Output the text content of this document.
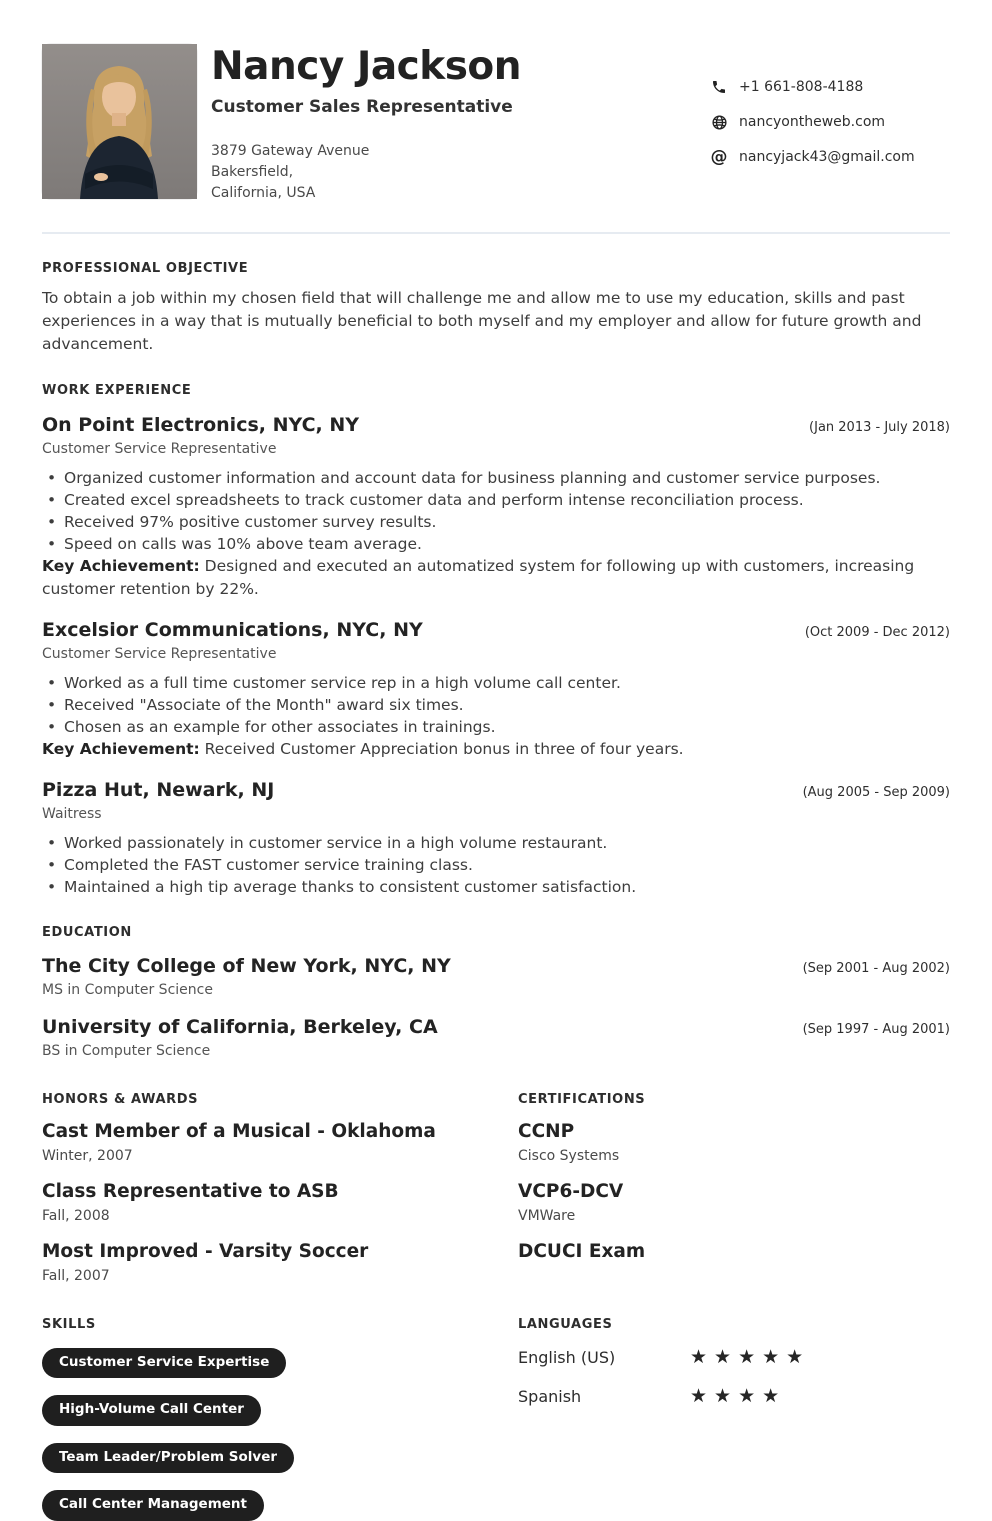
Nancy Jackson
Customer Sales Representative
3879 Gateway Avenue
Bakersfield,
California, USA
+1 661-808-4188
nancyontheweb.com
@ nancyjack43@gmail.com
PROFESSIONAL OBJECTIVE

To obtain a job within my chosen field that will challenge me and allow me to use my education, skills and past experiences in a way that is mutually beneficial to both myself and my employer and allow for future growth and advancement.

WORK EXPERIENCE
On Point Electronics, NYC, NY	(Jan 2013 - July 2018)
Customer Service Representative
• Organized customer information and account data for business planning and customer service purposes.
• Created excel spreadsheets to track customer data and perform intense reconciliation process.
• Received 97% positive customer survey results.
• Speed on calls was 10% above team average.
Key Achievement: Designed and executed an automatized system for following up with customers, increasing customer retention by 22%.
Excelsior Communications, NYC, NY	(Oct 2009 - Dec 2012)
Customer Service Representative
• Worked as a full time customer service rep in a high volume call center.
• Received "Associate of the Month" award six times.
• Chosen as an example for other associates in trainings.
Key Achievement: Received Customer Appreciation bonus in three of four years.
Pizza Hut, Newark, NJ	(Aug 2005 - Sep 2009)
Waitress
• Worked passionately in customer service in a high volume restaurant.
• Completed the FAST customer service training class.
• Maintained a high tip average thanks to consistent customer satisfaction.
EDUCATION
The City College of New York, NYC, NY	(Sep 2001 - Aug 2002)
MS in Computer Science
University of California, Berkeley, CA	(Sep 1997 - Aug 2001)
BS in Computer Science
HONORS & AWARDS
Cast Member of a Musical - Oklahoma
Winter, 2007
Class Representative to ASB
Fall, 2008
Most Improved - Varsity Soccer
Fall, 2007
CERTIFICATIONS
CCNP
Cisco Systems
VCP6-DCV
VMWare
DCUCI Exam
SKILLS
Customer Service Expertise
High-Volume Call Center
Team Leader/Problem Solver
Call Center Management
LANGUAGES
English (US)	★★★★★
Spanish	★★★★
